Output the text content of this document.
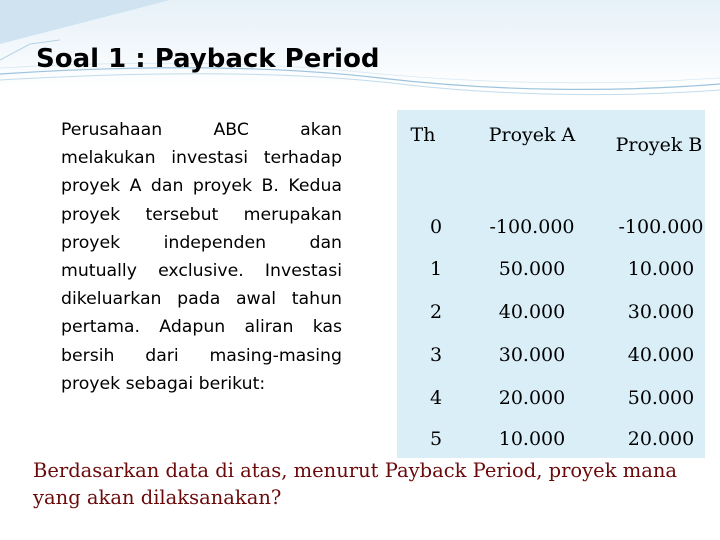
Soal 1 : Payback Period
Perusahaan ABC akan melakukan investasi terhadap proyek A dan proyek B. Kedua proyek tersebut merupakan proyek independen dan mutually exclusive. Investasi dikeluarkan pada awal tahun pertama. Adapun aliran kas bersih dari masing-masing proyek sebagai berikut:
Th	Proyek A	Proyek B
0	-100.000	-100.000
1	50.000	10.000
2	40.000	30.000
3	30.000	40.000
4	20.000	50.000
5	10.000	20.000
Berdasarkan data di atas, menurut Payback Period, proyek mana yang akan dilaksanakan?
